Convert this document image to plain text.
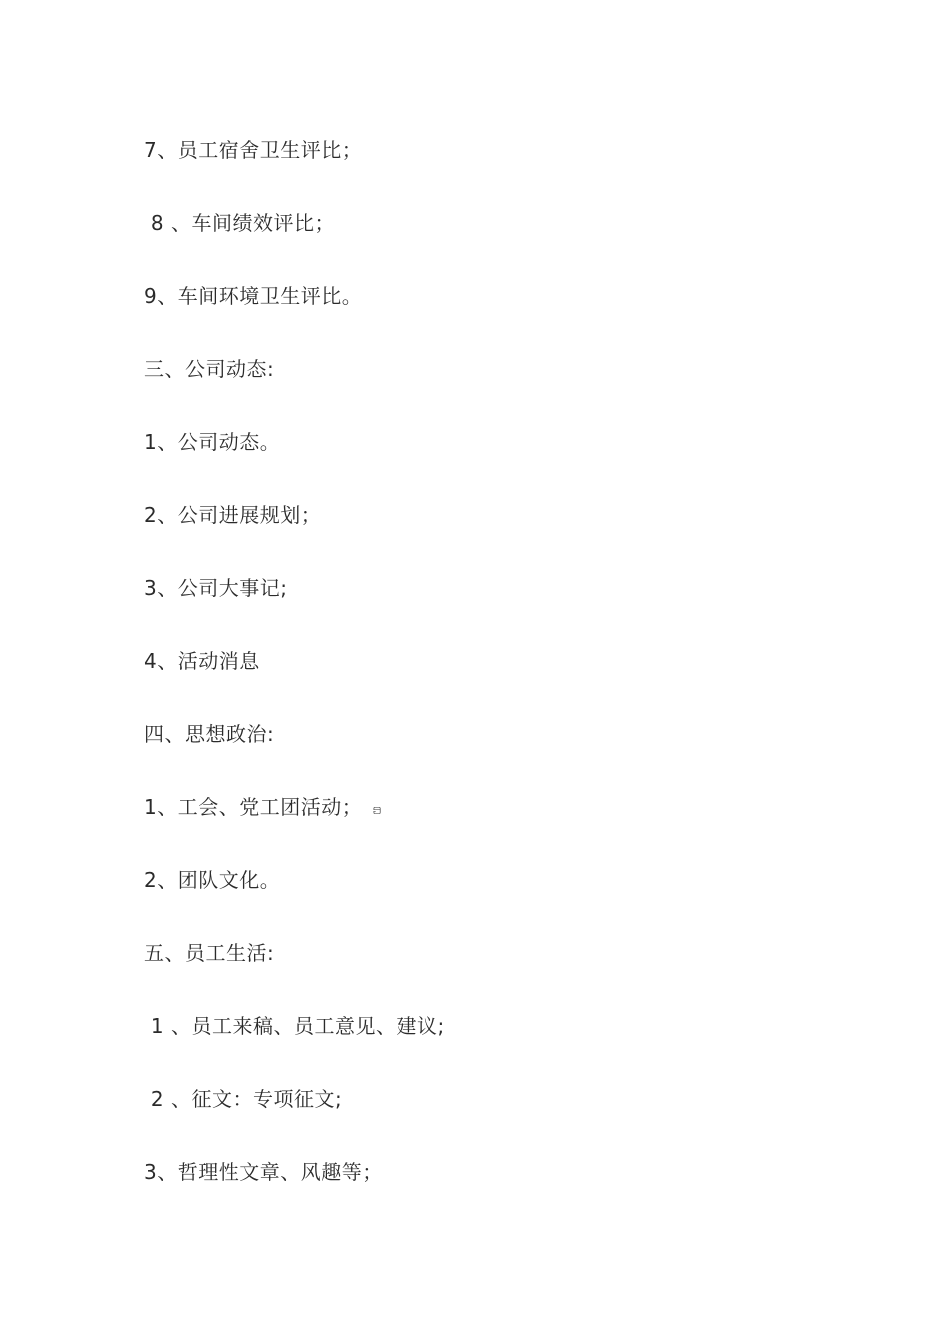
7、员工宿舍卫生评比；
8 、车间绩效评比；
9、车间环境卫生评比。
三、公司动态:
1、公司动态。
2、公司进展规划；
3、公司大事记;
4、活动消息
四、思想政治:
1、工会、党工团活动； ꤋ
2、团队文化。
五、员工生活:
1 、员工来稿、员工意见、建议;
2 、征文：专项征文;
3、哲理性文章、风趣等；
